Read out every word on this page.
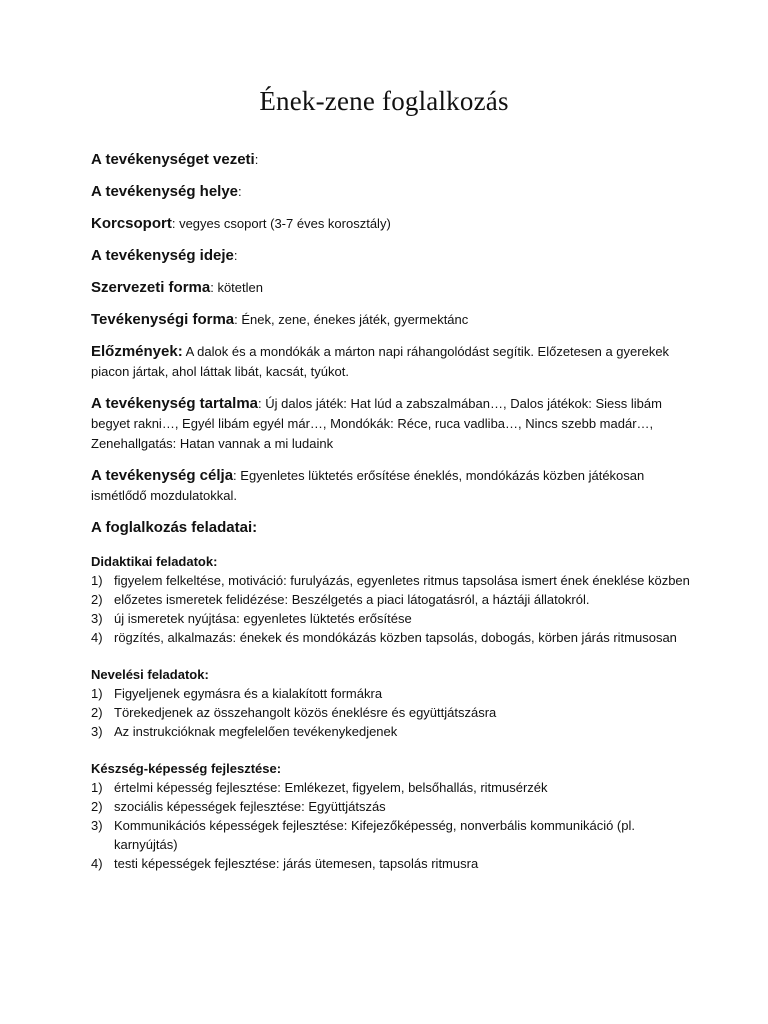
Ének-zene foglalkozás

A tevékenységet vezeti:

A tevékenység helye:

Korcsoport: vegyes csoport (3-7 éves korosztály)

A tevékenység ideje:

Szervezeti forma: kötetlen

Tevékenységi forma: Ének, zene, énekes játék, gyermektánc

Előzmények: A dalok és a mondókák a márton napi ráhangolódást segítik. Előzetesen a gyerekek piacon jártak, ahol láttak libát, kacsát, tyúkot.

A tevékenység tartalma: Új dalos játék: Hat lúd a zabszalmában…, Dalos játékok: Siess libám begyet rakni…, Egyél libám egyél már…, Mondókák: Réce, ruca vadliba…, Nincs szebb madár…, Zenehallgatás: Hatan vannak a mi ludaink

A tevékenység célja: Egyenletes lüktetés erősítése éneklés, mondókázás közben játékosan ismétlődő mozdulatokkal.

A foglalkozás feladatai:

Didaktikai feladatok:

1) figyelem felkeltése, motiváció: furulyázás, egyenletes ritmus tapsolása ismert ének éneklése közben
2) előzetes ismeretek felidézése: Beszélgetés a piaci látogatásról, a háztáji állatokról.
3) új ismeretek nyújtása: egyenletes lüktetés erősítése
4) rögzítés, alkalmazás: énekek és mondókázás közben tapsolás, dobogás, körben járás ritmusosan

Nevelési feladatok:

1) Figyeljenek egymásra és a kialakított formákra
2) Törekedjenek az összehangolt közös éneklésre és együttjátszásra
3) Az instrukcióknak megfelelően tevékenykedjenek

Készség-képesség fejlesztése:

1) értelmi képesség fejlesztése: Emlékezet, figyelem, belsőhallás, ritmusérzék
2) szociális képességek fejlesztése: Együttjátszás
3) Kommunikációs képességek fejlesztése: Kifejezőképesség, nonverbális kommunikáció (pl. karnyújtás)
4) testi képességek fejlesztése: járás ütemesen, tapsolás ritmusra
